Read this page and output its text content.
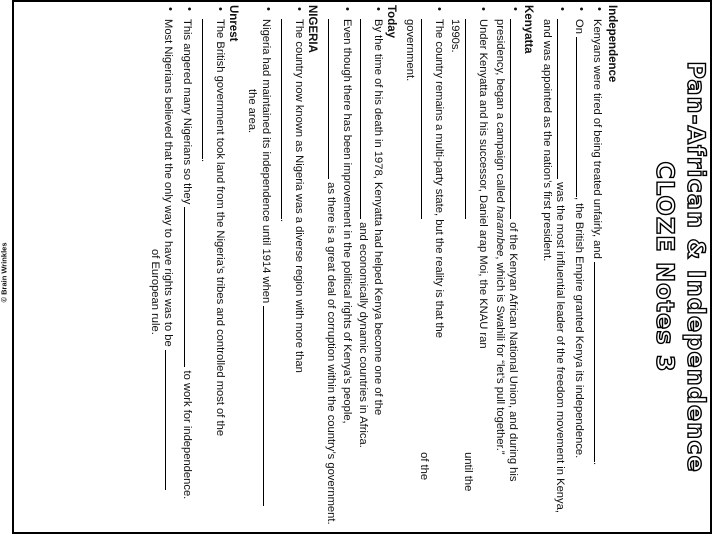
© Brain Wrinkles	Pan-African & Independence
CLOZE Notes 3
Independence
• Kenyans were tired of being treated unfairly, and .
• On , the British Empire granted Kenya its independence.
• was the most influential leader of the freedom movement in Kenya, and was appointed as the nation’s first president.
Kenyatta
• of the Kenyan African National Union, and during his presidency, began a campaign called harambee, which is Swahili for “let’s pull together.”
• Under Kenyatta and his successor, Daniel arap Moi, the KNAU ran  until the 1990s.
• The country remains a multi-party state, but the reality is that the  of the government.
Today
• By the time of his death in 1978, Kenyatta had helped Kenya become one of the  and economically dynamic countries in Africa.
• Even though there has been improvement in the political rights of Kenya’s people,  as there is a great deal of corruption within the country’s government.
NIGERIA
• The country now known as Nigeria was a diverse region with more than .
• Nigeria had maintained its independence until 1914 when  the area.
Unrest
• The British government took land from the Nigeria’s tribes and controlled most of the .
• This angered many Nigerians so they  to work for independence.
• Most Nigerians believed that the only way to have rights was to be  of European rule.
